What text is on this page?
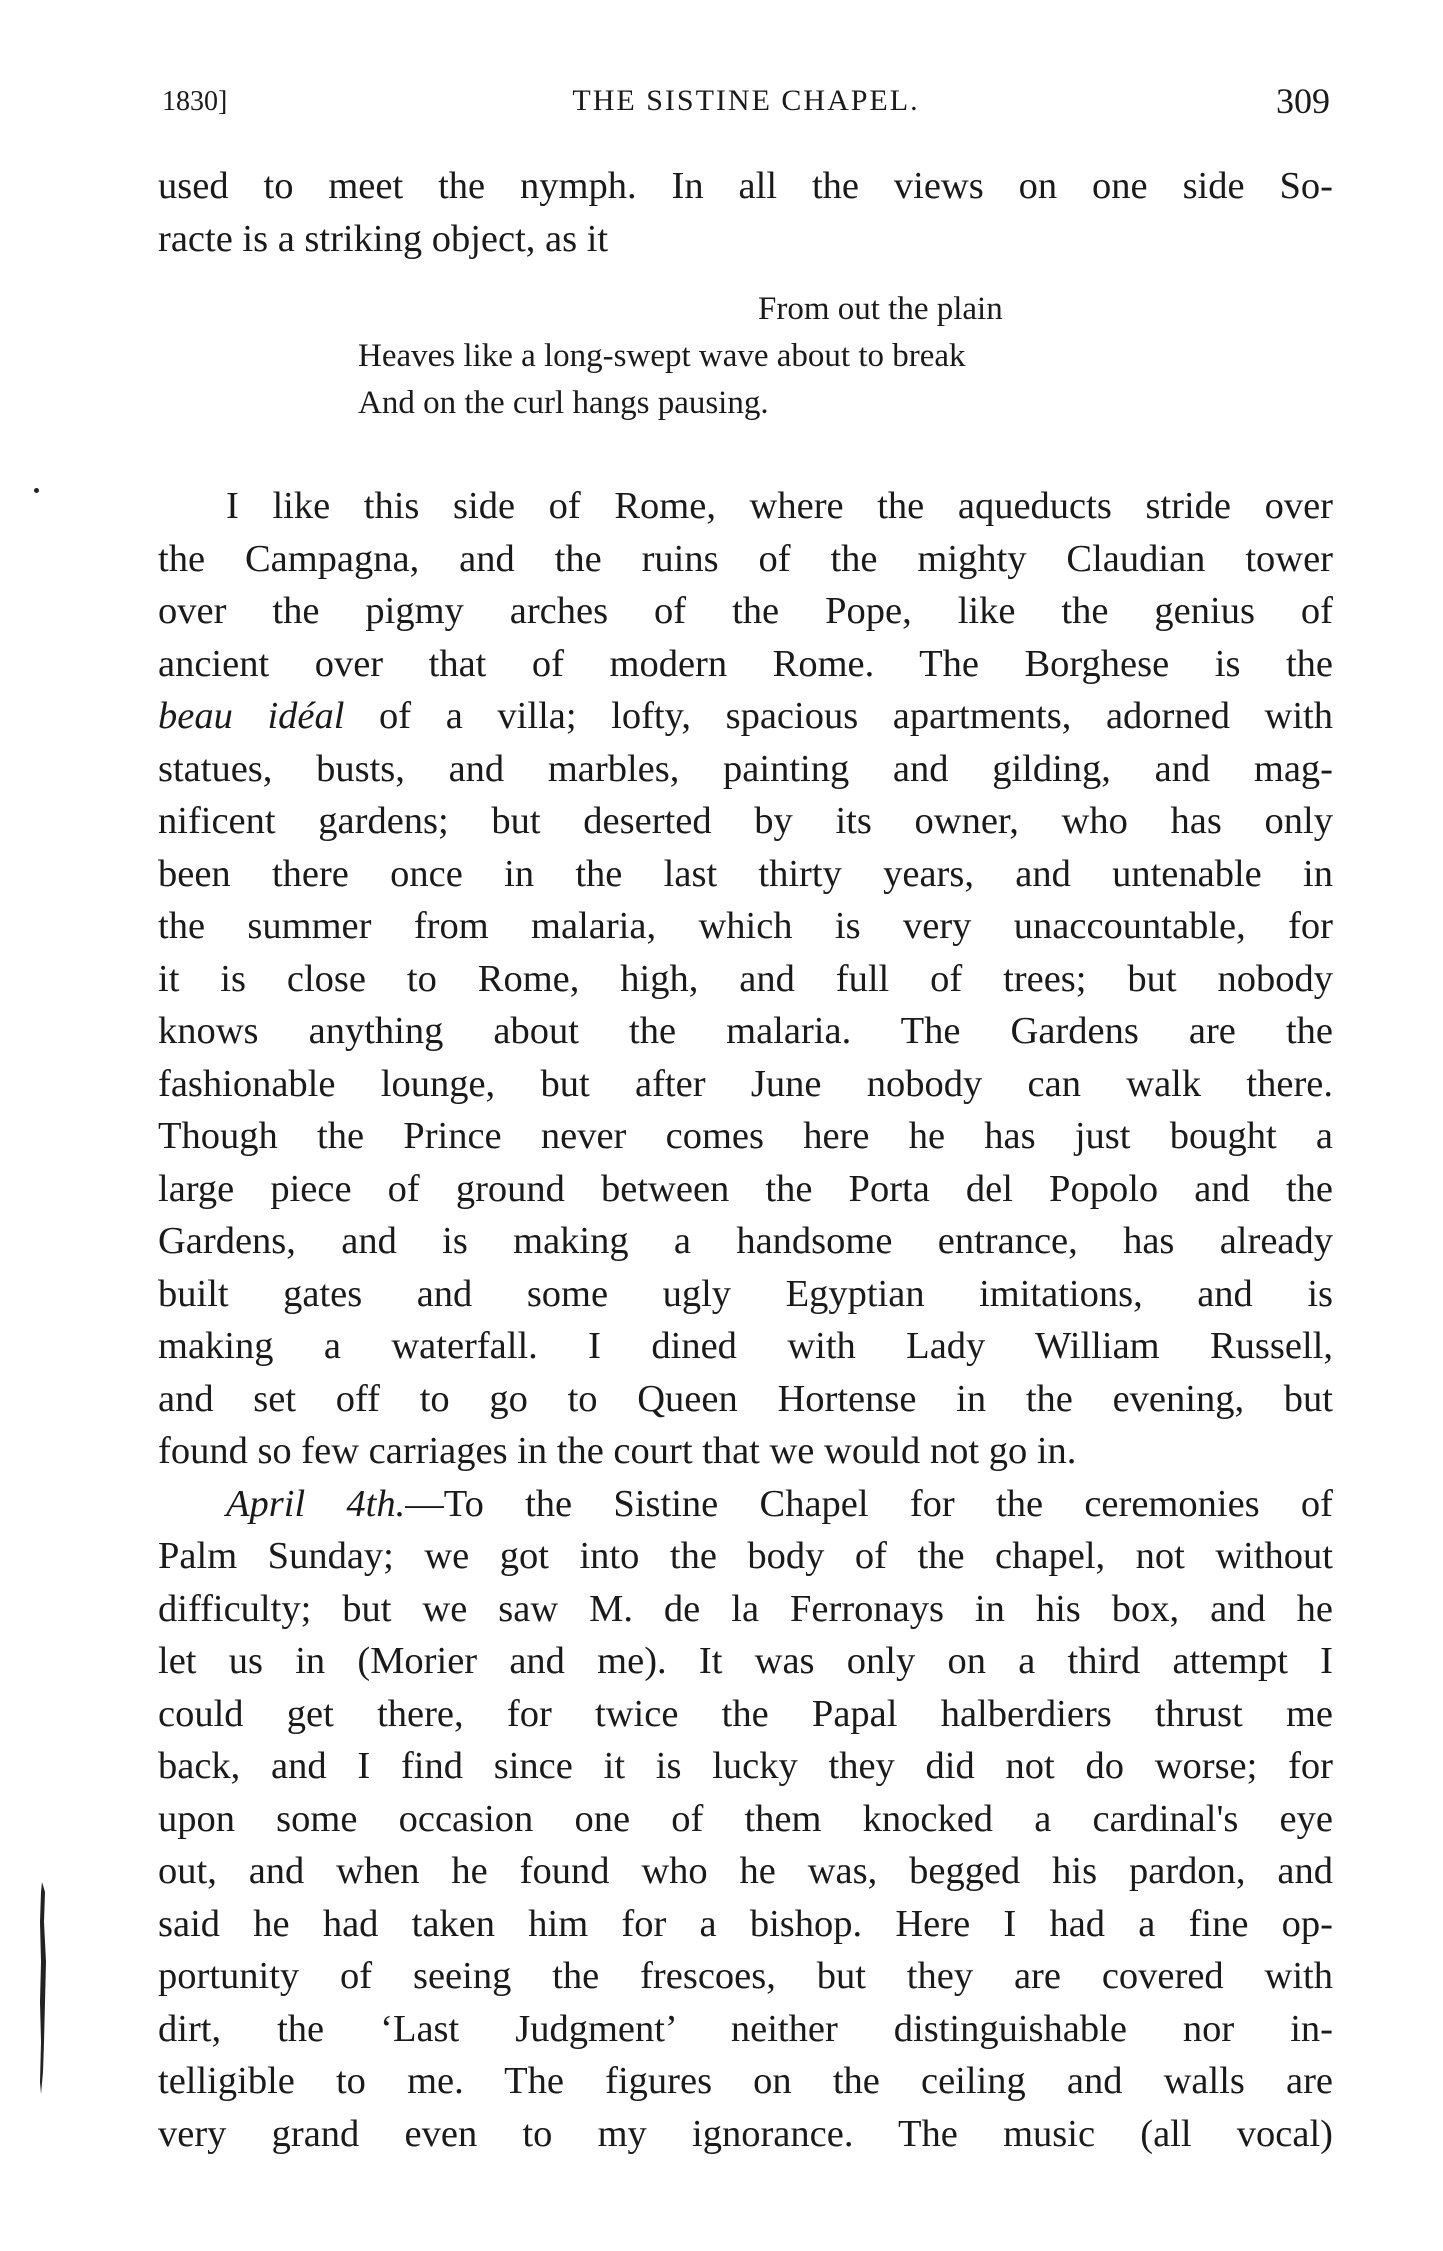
1830]	THE SISTINE CHAPEL.	309
used to meet the nymph. In all the views on one side So-
racte is a striking object, as it
From out the plain
Heaves like a long-swept wave about to break
And on the curl hangs pausing.
I like this side of Rome, where the aqueducts stride over
the Campagna, and the ruins of the mighty Claudian tower
over the pigmy arches of the Pope, like the genius of
ancient over that of modern Rome. The Borghese is the
beau idéal of a villa; lofty, spacious apartments, adorned with
statues, busts, and marbles, painting and gilding, and mag-
nificent gardens; but deserted by its owner, who has only
been there once in the last thirty years, and untenable in
the summer from malaria, which is very unaccountable, for
it is close to Rome, high, and full of trees; but nobody
knows anything about the malaria. The Gardens are the
fashionable lounge, but after June nobody can walk there.
Though the Prince never comes here he has just bought a
large piece of ground between the Porta del Popolo and the
Gardens, and is making a handsome entrance, has already
built gates and some ugly Egyptian imitations, and is
making a waterfall. I dined with Lady William Russell,
and set off to go to Queen Hortense in the evening, but
found so few carriages in the court that we would not go in.
April 4th.—To the Sistine Chapel for the ceremonies of
Palm Sunday; we got into the body of the chapel, not without
difficulty; but we saw M. de la Ferronays in his box, and he
let us in (Morier and me). It was only on a third attempt I
could get there, for twice the Papal halberdiers thrust me
back, and I find since it is lucky they did not do worse; for
upon some occasion one of them knocked a cardinal's eye
out, and when he found who he was, begged his pardon, and
said he had taken him for a bishop. Here I had a fine op-
portunity of seeing the frescoes, but they are covered with
dirt, the ‘Last Judgment’ neither distinguishable nor in-
telligible to me. The figures on the ceiling and walls are
very grand even to my ignorance. The music (all vocal)
